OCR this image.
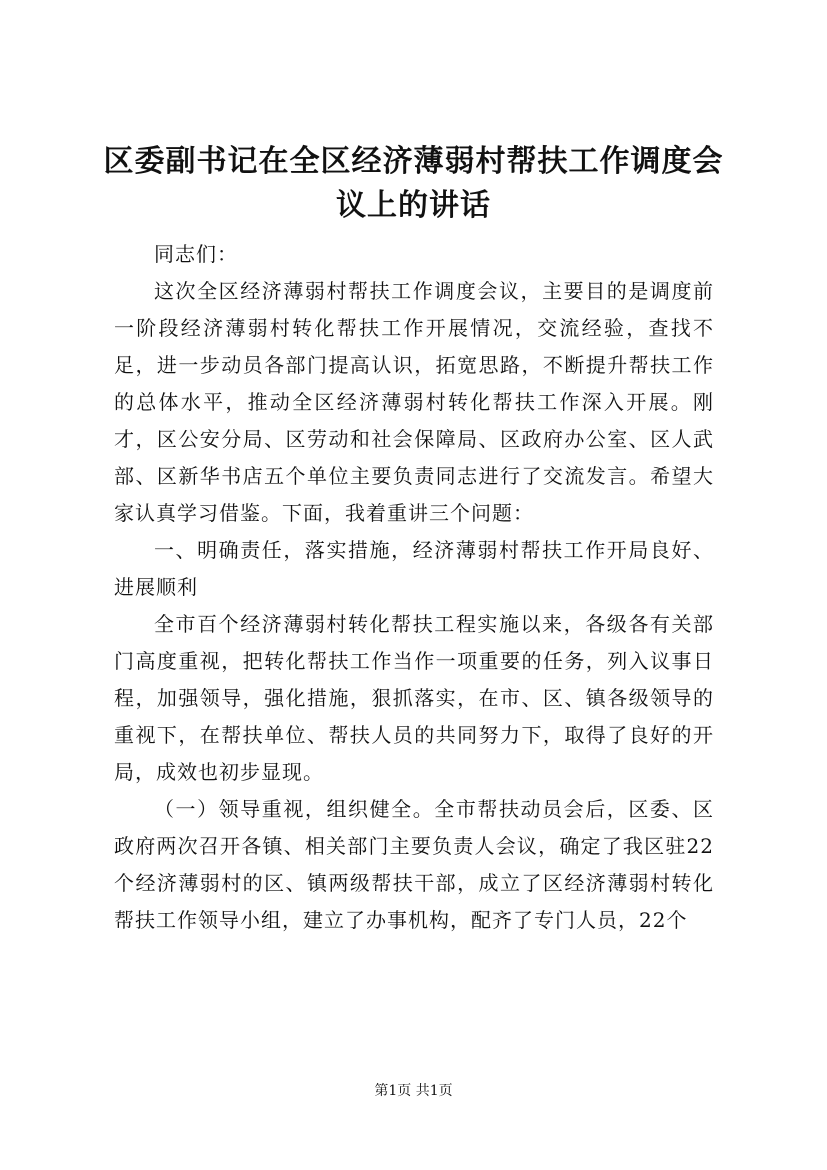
区委副书记在全区经济薄弱村帮扶工作调度会
议上的讲话

同志们：

这次全区经济薄弱村帮扶工作调度会议，主要目的是调度前一阶段经济薄弱村转化帮扶工作开展情况，交流经验，查找不足，进一步动员各部门提高认识，拓宽思路，不断提升帮扶工作的总体水平，推动全区经济薄弱村转化帮扶工作深入开展。刚才，区公安分局、区劳动和社会保障局、区政府办公室、区人武部、区新华书店五个单位主要负责同志进行了交流发言。希望大家认真学习借鉴。下面，我着重讲三个问题：

一、明确责任，落实措施，经济薄弱村帮扶工作开局良好、进展顺利

全市百个经济薄弱村转化帮扶工程实施以来，各级各有关部门高度重视，把转化帮扶工作当作一项重要的任务，列入议事日程，加强领导，强化措施，狠抓落实，在市、区、镇各级领导的重视下，在帮扶单位、帮扶人员的共同努力下，取得了良好的开局，成效也初步显现。

（一）领导重视，组织健全。全市帮扶动员会后，区委、区政府两次召开各镇、相关部门主要负责人会议，确定了我区驻22个经济薄弱村的区、镇两级帮扶干部，成立了区经济薄弱村转化帮扶工作领导小组，建立了办事机构，配齐了专门人员，22个

第1页 共1页
